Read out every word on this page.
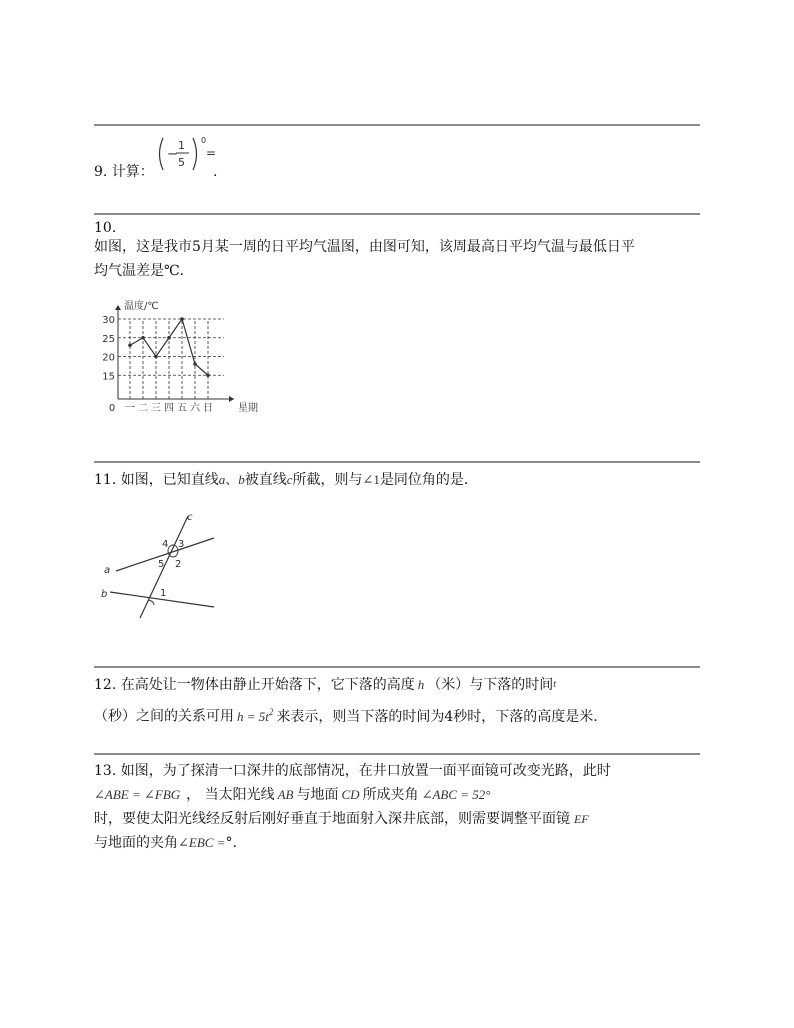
9. 计算：
−
1
5
0
=
.
10.
如图，这是我市5月某一周的日平均气温图，由图可知，该周最高日平均气温与最低日平
均气温差是℃.
15
20
25
30
一 二 三 四 五 六 日
0
温度/℃
星期
11. 如图，已知直线a、b被直线c所截，则与∠1是同位角的是.
c
a
b
4 3
5 2
1
12. 在高处让一物体由静止开始落下，它下落的高度 h （米）与下落的时间$^t$
（秒）之间的关系可用 $h = 5t^2$ 来表示，则当下落的时间为4秒时，下落的高度是米.
13. 如图，为了探清一口深井的底部情况，在井口放置一面平面镜可改变光路，此时
∠ABE = ∠FBG ， 当太阳光线 AB 与地面 CD 所成夹角 ∠ABC = 52°
时，要使太阳光线经反射后刚好垂直于地面射入深井底部，则需要调整平面镜 EF
与地面的夹角∠EBC =°.
